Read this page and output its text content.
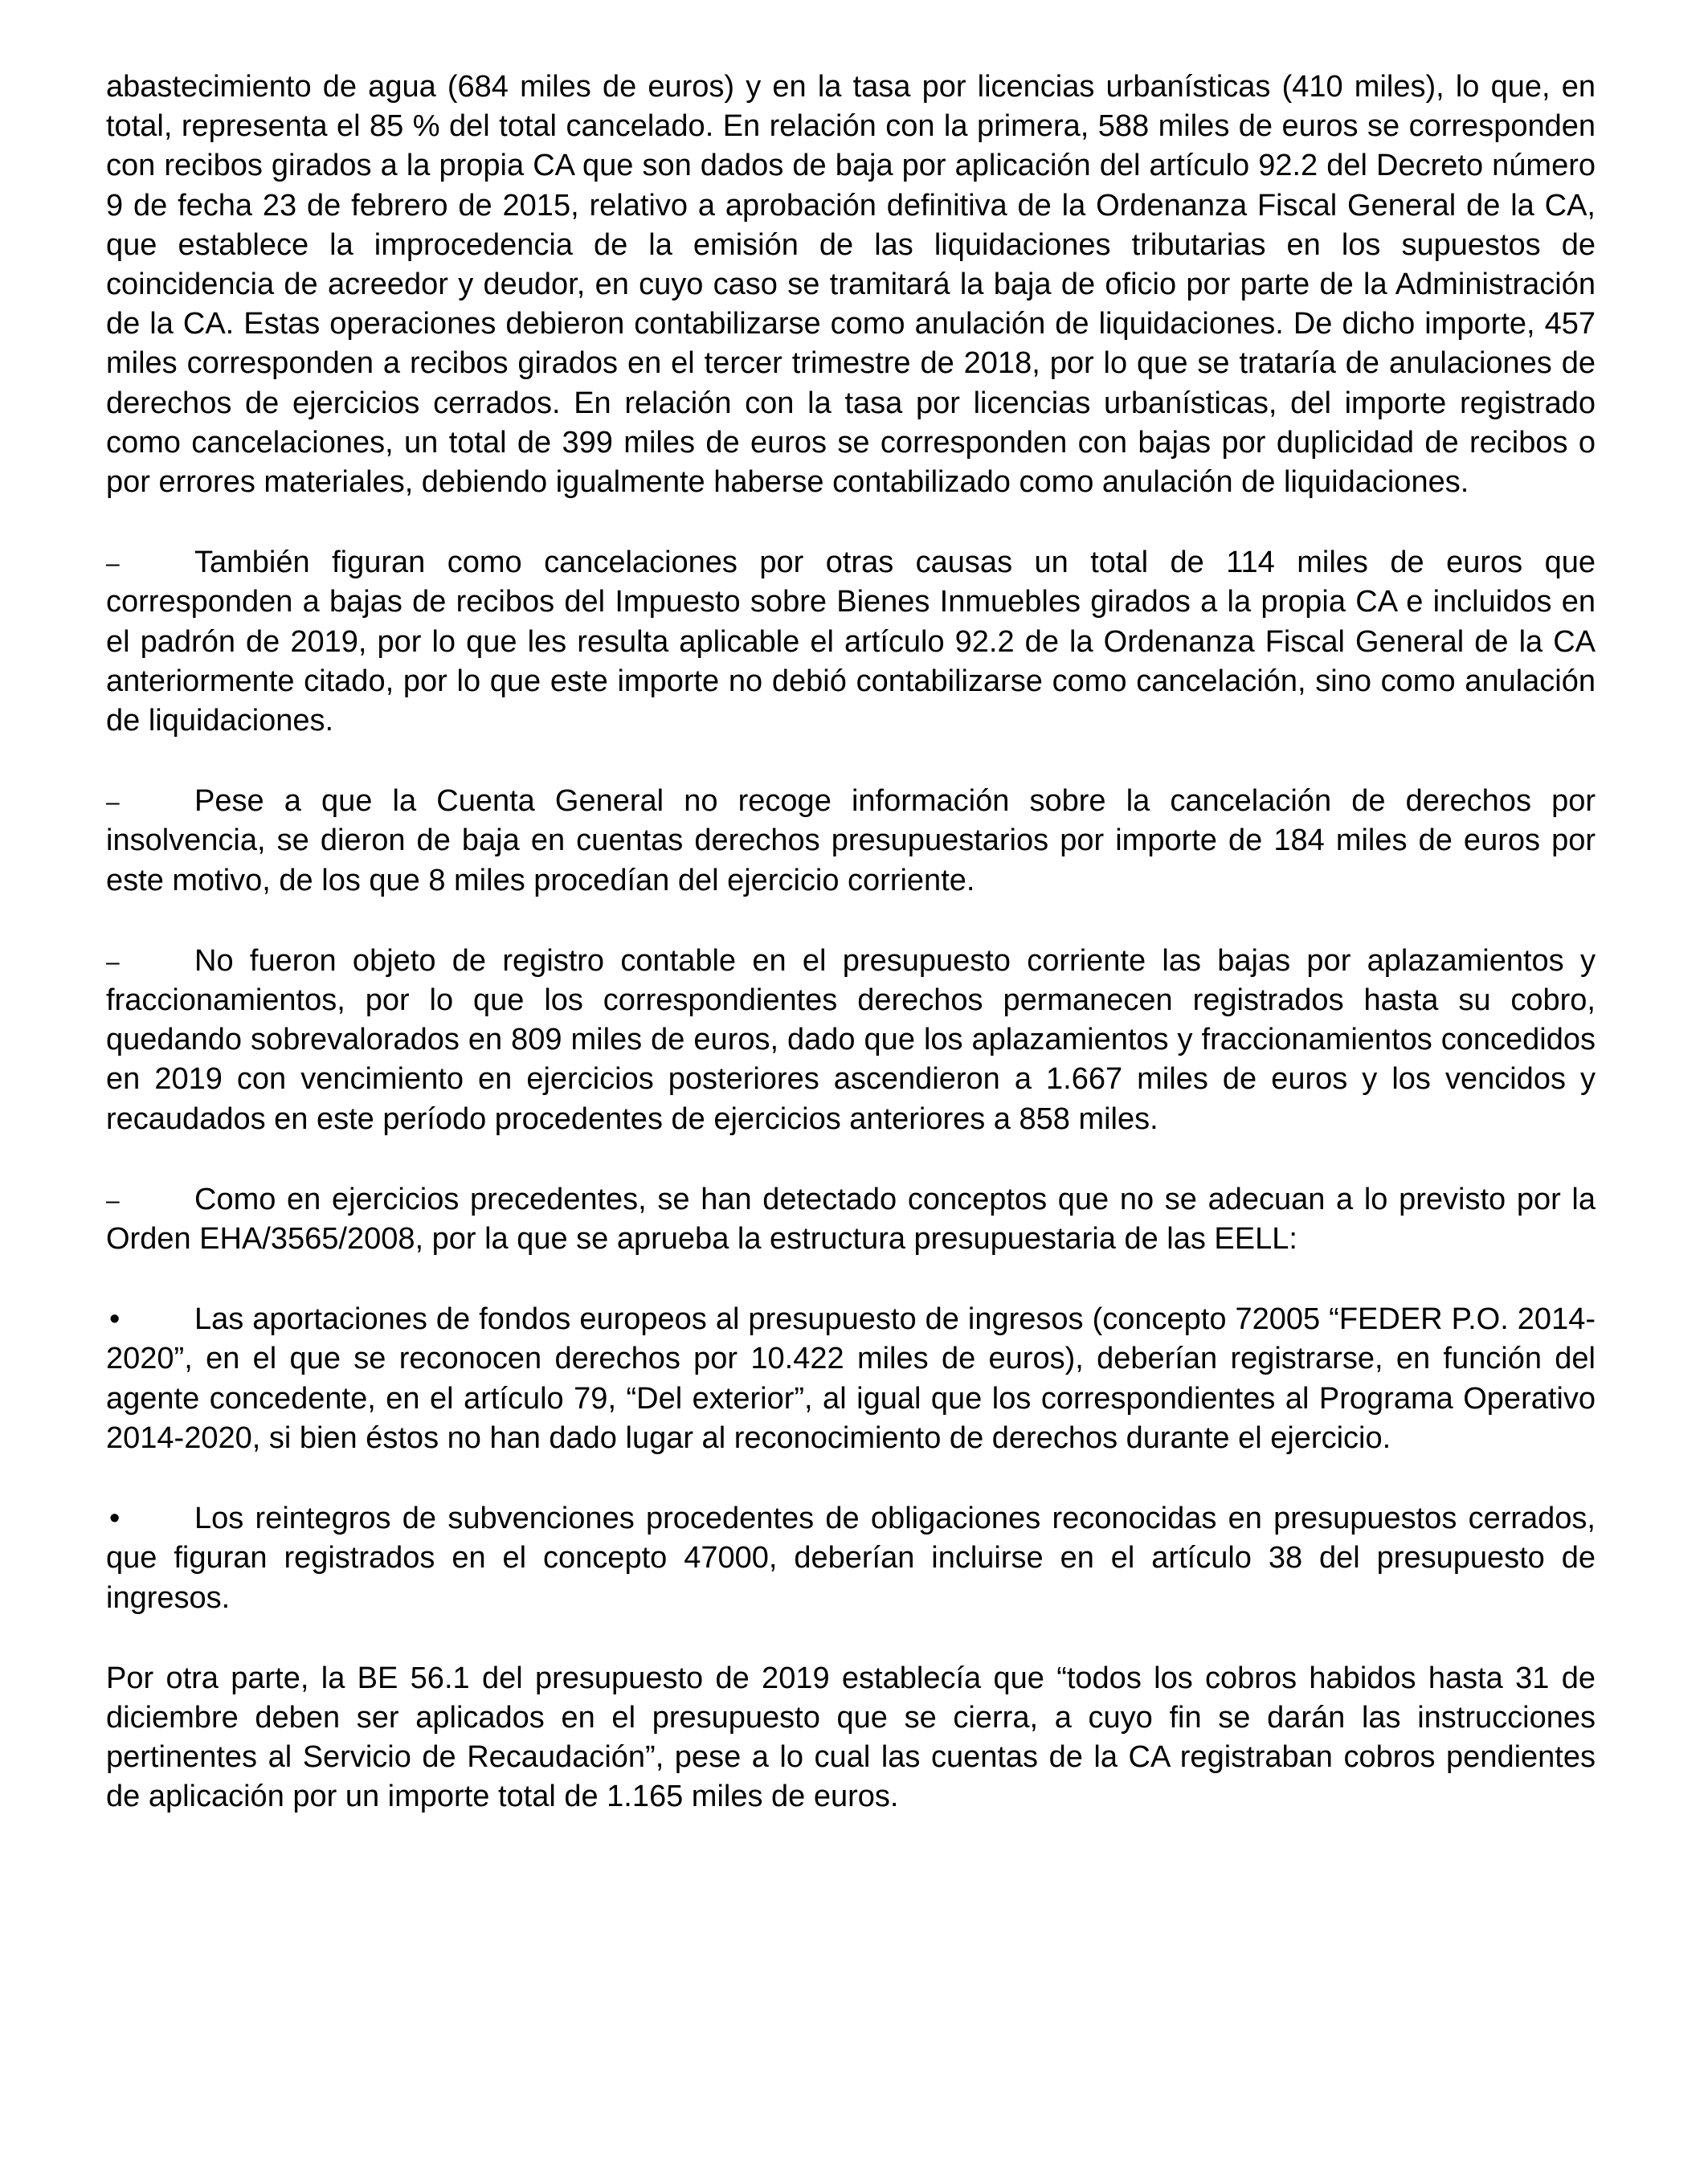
abastecimiento de agua (684 miles de euros) y en la tasa por licencias urbanísticas (410 miles), lo que, en total, representa el 85 % del total cancelado. En relación con la primera, 588 miles de euros se corresponden con recibos girados a la propia CA que son dados de baja por aplicación del artículo 92.2 del Decreto número 9 de fecha 23 de febrero de 2015, relativo a aprobación definitiva de la Ordenanza Fiscal General de la CA, que establece la improcedencia de la emisión de las liquidaciones tributarias en los supuestos de coincidencia de acreedor y deudor, en cuyo caso se tramitará la baja de oficio por parte de la Administración de la CA. Estas operaciones debieron contabilizarse como anulación de liquidaciones. De dicho importe, 457 miles corresponden a recibos girados en el tercer trimestre de 2018, por lo que se trataría de anulaciones de derechos de ejercicios cerrados. En relación con la tasa por licencias urbanísticas, del importe registrado como cancelaciones, un total de 399 miles de euros se corresponden con bajas por duplicidad de recibos o por errores materiales, debiendo igualmente haberse contabilizado como anulación de liquidaciones.

– También figuran como cancelaciones por otras causas un total de 114 miles de euros que corresponden a bajas de recibos del Impuesto sobre Bienes Inmuebles girados a la propia CA e incluidos en el padrón de 2019, por lo que les resulta aplicable el artículo 92.2 de la Ordenanza Fiscal General de la CA anteriormente citado, por lo que este importe no debió contabilizarse como cancelación, sino como anulación de liquidaciones.

– Pese a que la Cuenta General no recoge información sobre la cancelación de derechos por insolvencia, se dieron de baja en cuentas derechos presupuestarios por importe de 184 miles de euros por este motivo, de los que 8 miles procedían del ejercicio corriente.

– No fueron objeto de registro contable en el presupuesto corriente las bajas por aplazamientos y fraccionamientos, por lo que los correspondientes derechos permanecen registrados hasta su cobro, quedando sobrevalorados en 809 miles de euros, dado que los aplazamientos y fraccionamientos concedidos en 2019 con vencimiento en ejercicios posteriores ascendieron a 1.667 miles de euros y los vencidos y recaudados en este período procedentes de ejercicios anteriores a 858 miles.

– Como en ejercicios precedentes, se han detectado conceptos que no se adecuan a lo previsto por la Orden EHA/3565/2008, por la que se aprueba la estructura presupuestaria de las EELL:

• Las aportaciones de fondos europeos al presupuesto de ingresos (concepto 72005 “FEDER P.O. 2014-2020”, en el que se reconocen derechos por 10.422 miles de euros), deberían registrarse, en función del agente concedente, en el artículo 79, “Del exterior”, al igual que los correspondientes al Programa Operativo 2014-2020, si bien éstos no han dado lugar al reconocimiento de derechos durante el ejercicio.

• Los reintegros de subvenciones procedentes de obligaciones reconocidas en presupuestos cerrados, que figuran registrados en el concepto 47000, deberían incluirse en el artículo 38 del presupuesto de ingresos.

Por otra parte, la BE 56.1 del presupuesto de 2019 establecía que “todos los cobros habidos hasta 31 de diciembre deben ser aplicados en el presupuesto que se cierra, a cuyo fin se darán las instrucciones pertinentes al Servicio de Recaudación”, pese a lo cual las cuentas de la CA registraban cobros pendientes de aplicación por un importe total de 1.165 miles de euros.
